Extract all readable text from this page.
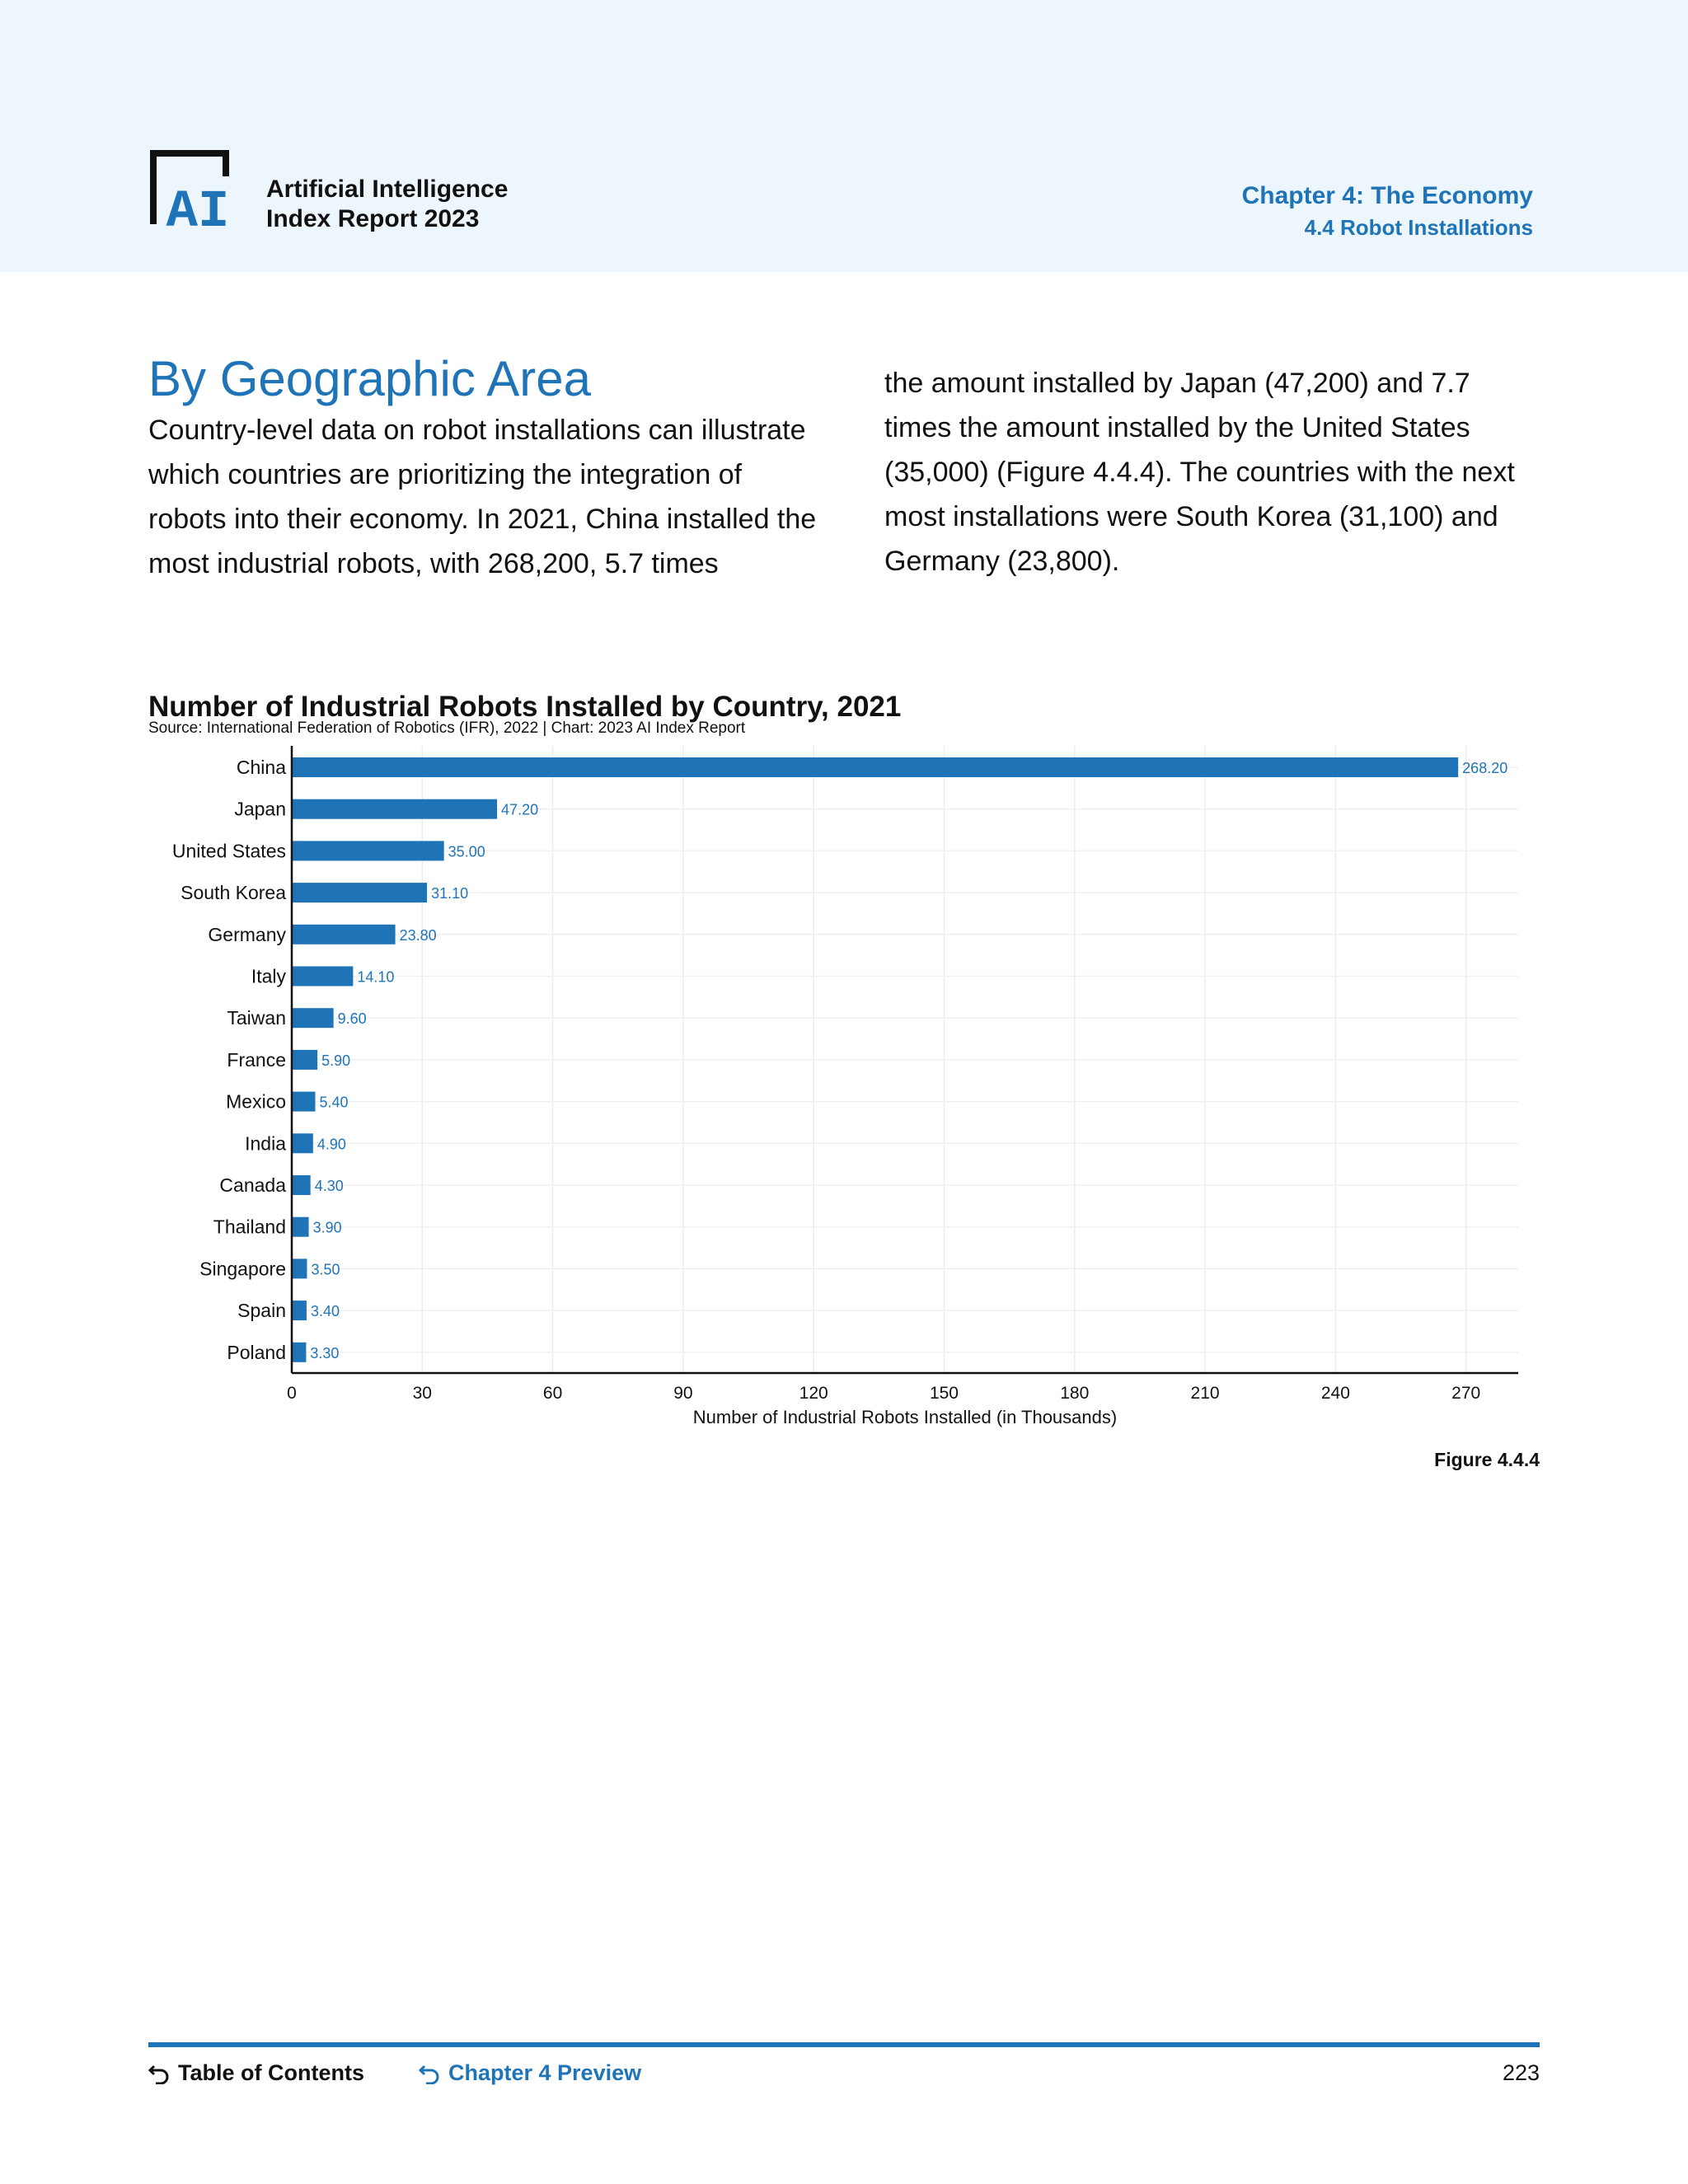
AI Artificial Intelligence
Index Report 2023
Chapter 4: The Economy
4.4 Robot Installations
By Geographic Area

Country-level data on robot installations can illustrate which countries are prioritizing the integration of robots into their economy. In 2021, China installed the most industrial robots, with 268,200, 5.7 times

the amount installed by Japan (47,200) and 7.7 times the amount installed by the United States (35,000) (Figure 4.4.4). The countries with the next most installations were South Korea (31,100) and Germany (23,800).

Number of Industrial Robots Installed by Country, 2021
Source: International Federation of Robotics (IFR), 2022 | Chart: 2023 AI Index Report
0	30	60	90	120	150	180	210	240	270
China	268.20
Japan	47.20
United States	35.00
South Korea	31.10
Germany	23.80
Italy	14.10
Taiwan	9.60
France 5.90
Mexico 5.40
India 4.90
Canada 4.30
Thailand 3.90
Singapore 3.50
Spain 3.40
Poland 3.30
Number of Industrial Robots Installed (in Thousands)
Figure 4.4.4
Table of Contents	Chapter 4 Preview	223
